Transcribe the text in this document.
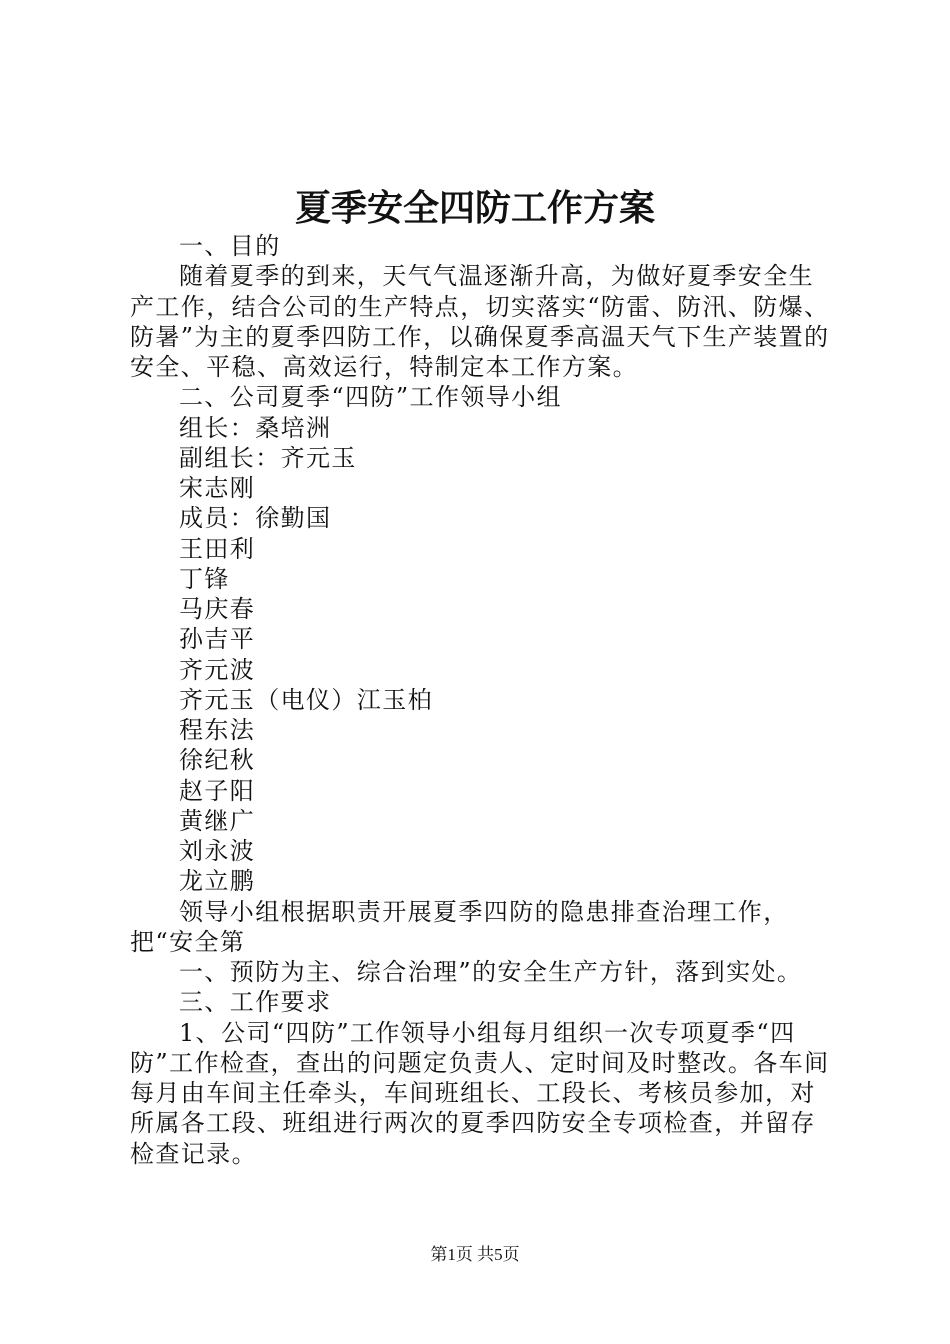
夏季安全四防工作方案

一、目的

随着夏季的到来，天气气温逐渐升高，为做好夏季安全生产工作，结合公司的生产特点，切实落实“防雷、防汛、防爆、防暑”为主的夏季四防工作，以确保夏季高温天气下生产装置的安全、平稳、高效运行，特制定本工作方案。

二、公司夏季“四防”工作领导小组

组长：桑培洲

副组长：齐元玉

宋志刚

成员：徐勤国

王田利

丁锋

马庆春

孙吉平

齐元波

齐元玉（电仪）江玉柏

程东法

徐纪秋

赵子阳

黄继广

刘永波

龙立鹏

领导小组根据职责开展夏季四防的隐患排查治理工作，把“安全第

一、预防为主、综合治理”的安全生产方针，落到实处。

三、工作要求

1、公司“四防”工作领导小组每月组织一次专项夏季“四防”工作检查，查出的问题定负责人、定时间及时整改。各车间每月由车间主任牵头，车间班组长、工段长、考核员参加，对所属各工段、班组进行两次的夏季四防安全专项检查，并留存检查记录。

第1页 共5页
